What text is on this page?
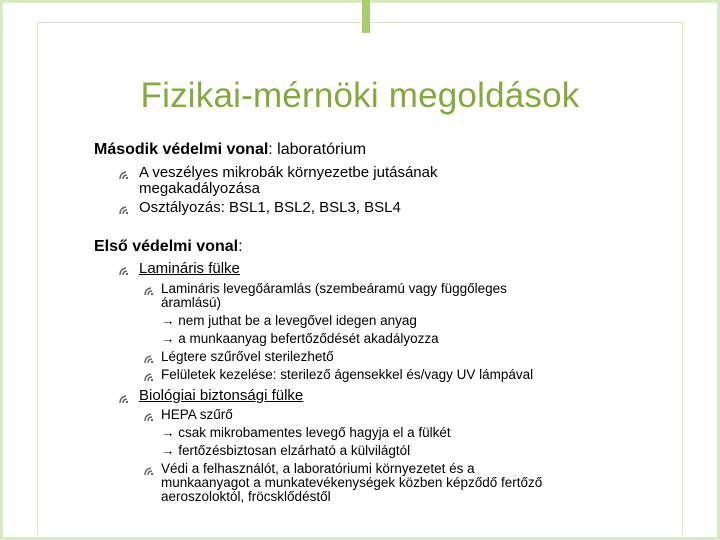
Fizikai-mérnöki megoldások
Második védelmi vonal: laboratórium
A veszélyes mikrobák környezetbe jutásának
megakadályozása
Osztályozás: BSL1, BSL2, BSL3, BSL4
Első védelmi vonal:
Lamináris fülke
Lamináris levegőáramlás (szembeáramú vagy függőleges
áramlású)
→ nem juthat be a levegővel idegen anyag
→ a munkaanyag befertőződését akadályozza
Légtere szűrővel sterilezhető
Felületek kezelése: sterilező ágensekkel és/vagy UV lámpával
Biológiai biztonsági fülke
HEPA szűrő
→ csak mikrobamentes levegő hagyja el a fülkét
→ fertőzésbiztosan elzárható a külvilágtól
Védi a felhasználót, a laboratóriumi környezetet és a
munkaanyagot a munkatevékenységek közben képződő fertőző
aeroszoloktól, fröcsklődéstől
